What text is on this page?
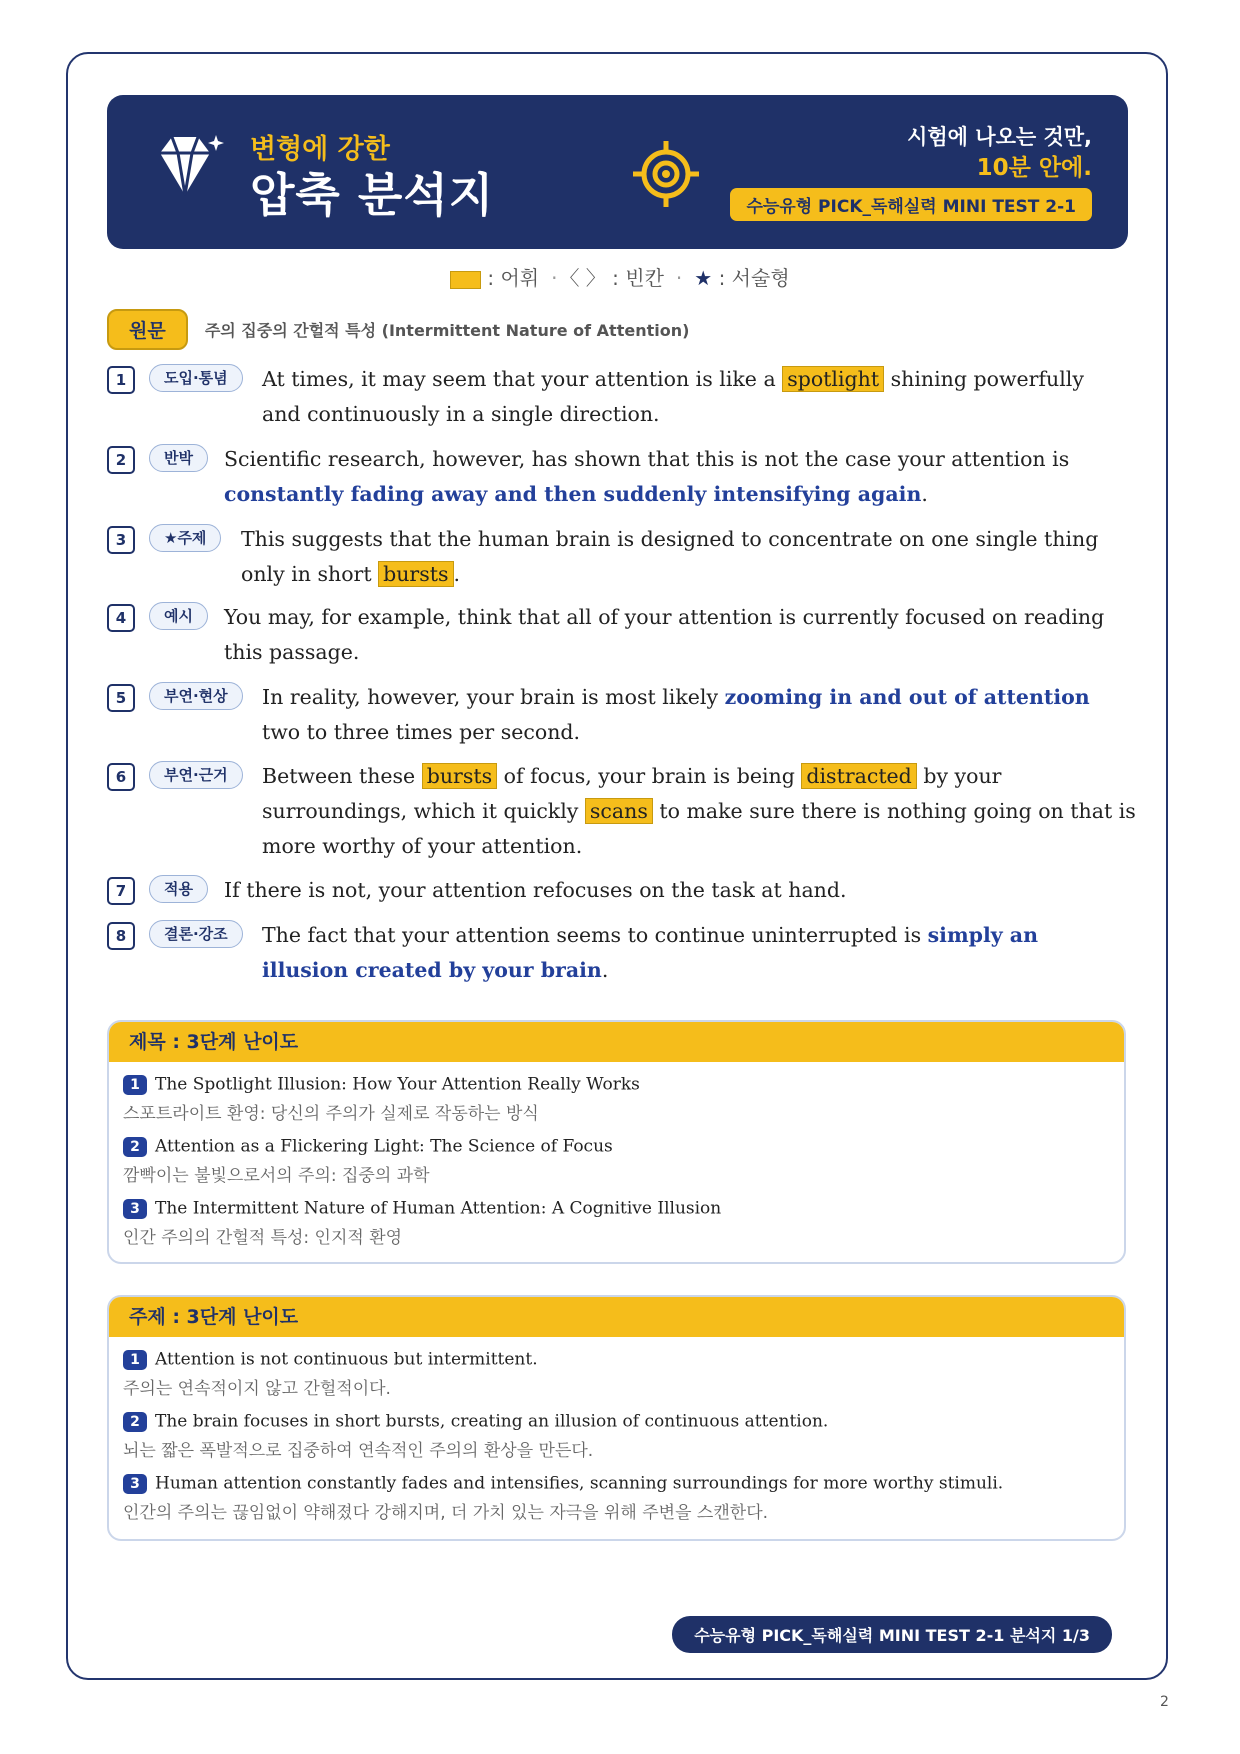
변형에 강한
압축 분석지
시험에 나오는 것만,
10분 안에.
수능유형 PICK_독해실력 MINI TEST 2-1
: 어휘 · 〈 〉 : 빈칸 · ★ : 서술형
원문 주의 집중의 간헐적 특성 (Intermittent Nature of Attention)
1	도입·통념	At times, it may seem that your attention is like a spotlight shining powerfully and continuously in a single direction.
2	반박	Scientific research, however, has shown that this is not the case your attention is constantly fading away and then suddenly intensifying again.
3	★주제	This suggests that the human brain is designed to concentrate on one single thing only in short bursts .
4	예시	You may, for example, think that all of your attention is currently focused on reading this passage.
5	부연·현상	In reality, however, your brain is most likely zooming in and out of attention two to three times per second.
6	부연·근거	Between these bursts of focus, your brain is being distracted by your surroundings, which it quickly scans to make sure there is nothing going on that is more worthy of your attention.
7	적용	If there is not, your attention refocuses on the task at hand.
8	결론·강조	The fact that your attention seems to continue uninterrupted is simply an illusion created by your brain.
제목 : 3단계 난이도
1 The Spotlight Illusion: How Your Attention Really Works
스포트라이트 환영: 당신의 주의가 실제로 작동하는 방식
2 Attention as a Flickering Light: The Science of Focus
깜빡이는 불빛으로서의 주의: 집중의 과학
3 The Intermittent Nature of Human Attention: A Cognitive Illusion
인간 주의의 간헐적 특성: 인지적 환영
주제 : 3단계 난이도
1 Attention is not continuous but intermittent.
주의는 연속적이지 않고 간헐적이다.
2 The brain focuses in short bursts, creating an illusion of continuous attention.
뇌는 짧은 폭발적으로 집중하여 연속적인 주의의 환상을 만든다.
3 Human attention constantly fades and intensifies, scanning surroundings for more worthy stimuli.
인간의 주의는 끊임없이 약해졌다 강해지며, 더 가치 있는 자극을 위해 주변을 스캔한다.
수능유형 PICK_독해실력 MINI TEST 2-1 분석지 1/3
2
